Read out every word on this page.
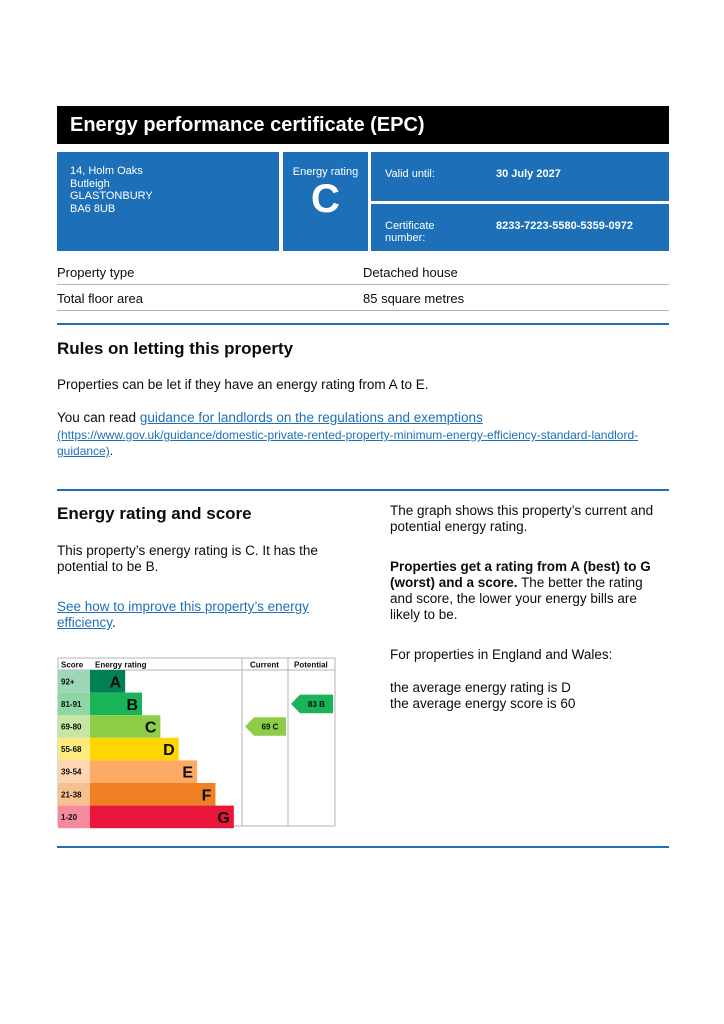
Energy performance certificate (EPC)
14, Holm Oaks
Butleigh
GLASTONBURY
BA6 8UB
Energy rating
C
Valid until:	30 July 2027
Certificate
number:
8233-7223-5580-5359-0972
Property type	Detached house
Total floor area	85 square metres
Rules on letting this property
Properties can be let if they have an energy rating from A to E.
You can read guidance for landlords on the regulations and exemptions
(https://www.gov.uk/guidance/domestic-private-rented-property-minimum-energy-efficiency-standard-landlord-
guidance).
Energy rating and score
This property’s energy rating is C. It has the potential to be B.
See how to improve this property’s energy
efficiency.
The graph shows this property’s current and potential energy rating.
Properties get a rating from A (best) to G (worst) and a score. The better the rating and score, the lower your energy bills are likely to be.
For properties in England and Wales:
the average energy rating is D
the average energy score is 60
Score Energy rating	Current Potential
92+ A
81-91	B
69-80	C
55-68	D
39-54	E
21-38	F
1-20	G
69 C
83 B
